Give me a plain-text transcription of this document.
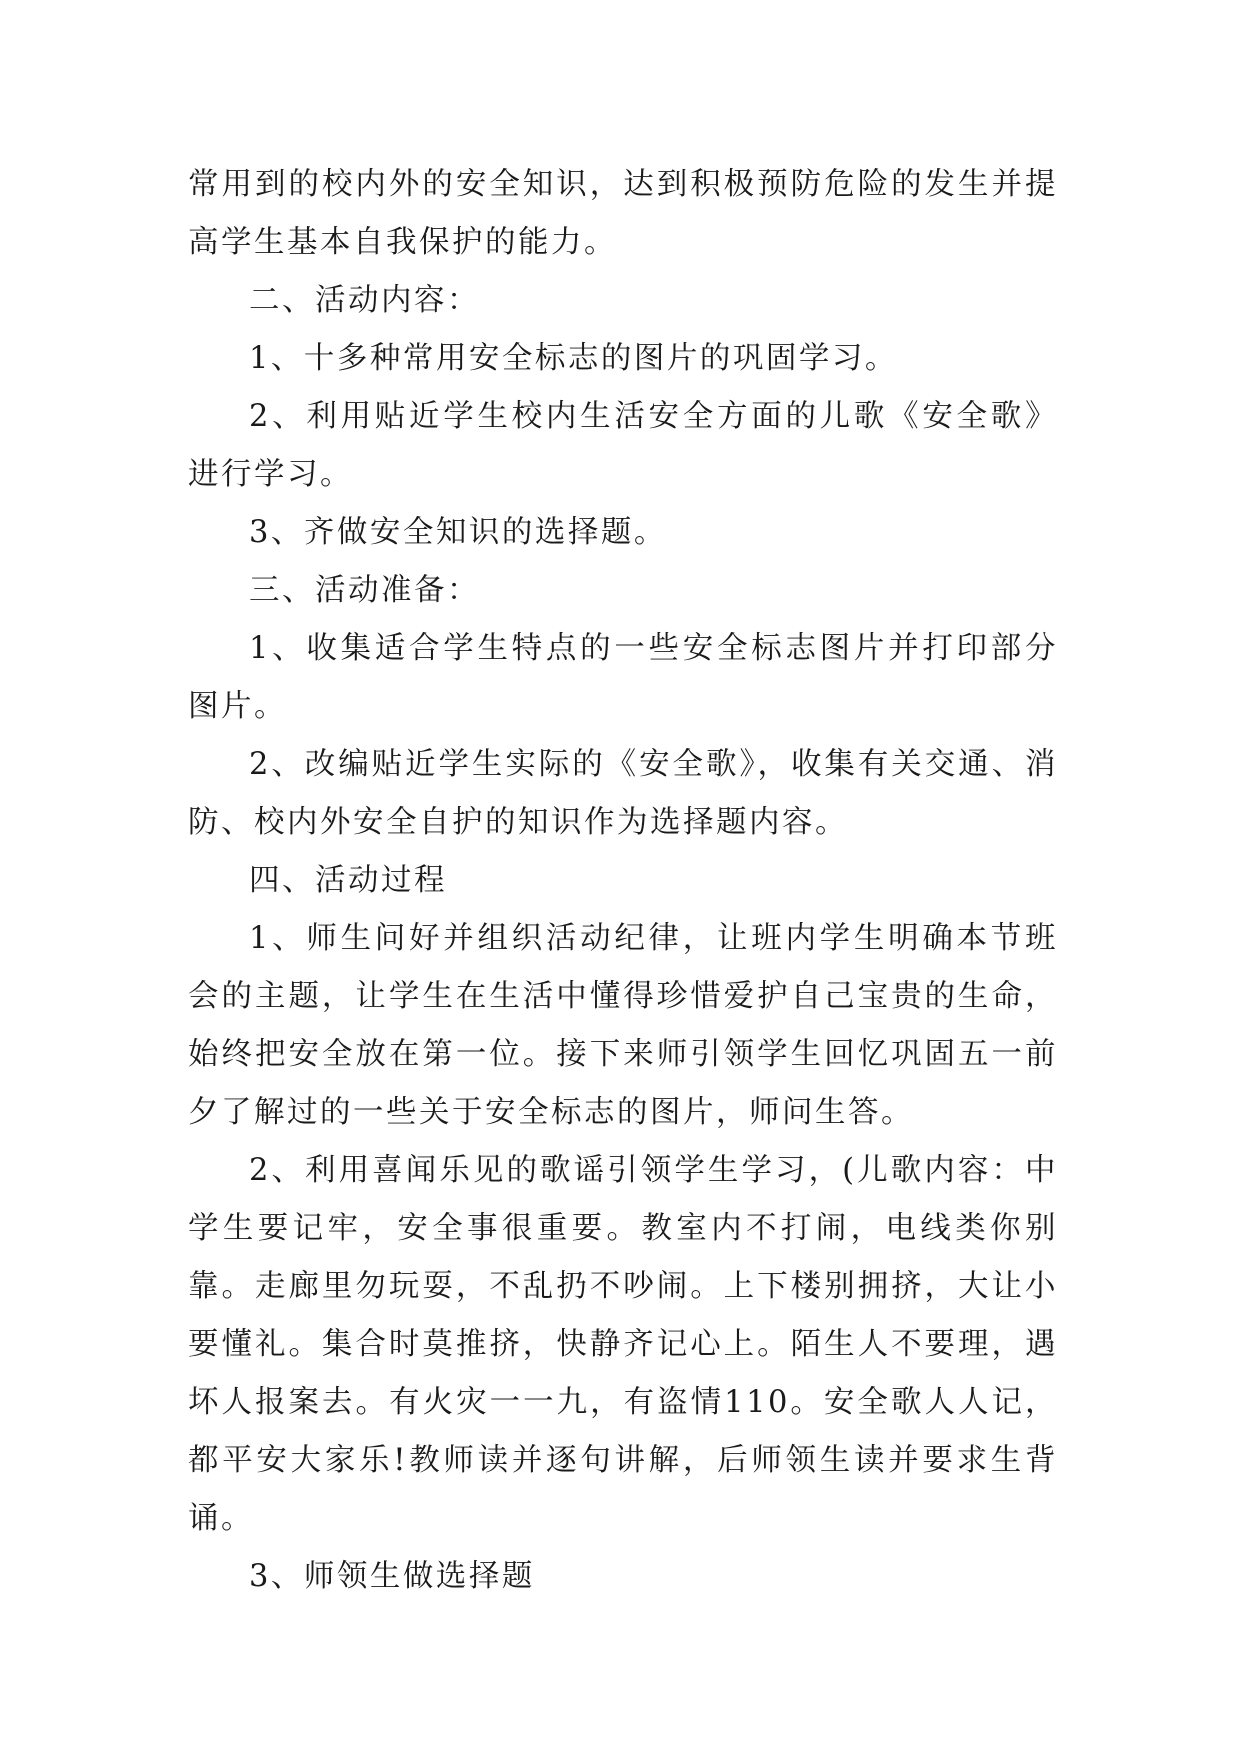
常用到的校内外的安全知识，达到积极预防危险的发生并提高学生基本自我保护的能力。

二、活动内容：

1、十多种常用安全标志的图片的巩固学习。

2、利用贴近学生校内生活安全方面的儿歌《安全歌》进行学习。

3、齐做安全知识的选择题。

三、活动准备：

1、收集适合学生特点的一些安全标志图片并打印部分图片。

2、改编贴近学生实际的《安全歌》，收集有关交通、消防、校内外安全自护的知识作为选择题内容。

四、活动过程

1、师生问好并组织活动纪律，让班内学生明确本节班会的主题，让学生在生活中懂得珍惜爱护自己宝贵的生命，始终把安全放在第一位。接下来师引领学生回忆巩固五一前夕了解过的一些关于安全标志的图片，师问生答。

2、利用喜闻乐见的歌谣引领学生学习，(儿歌内容：中学生要记牢，安全事很重要。教室内不打闹，电线类你别靠。走廊里勿玩耍，不乱扔不吵闹。上下楼别拥挤，大让小要懂礼。集合时莫推挤，快静齐记心上。陌生人不要理，遇坏人报案去。有火灾一一九，有盗情110。安全歌人人记，都平安大家乐!教师读并逐句讲解，后师领生读并要求生背诵。

3、师领生做选择题
